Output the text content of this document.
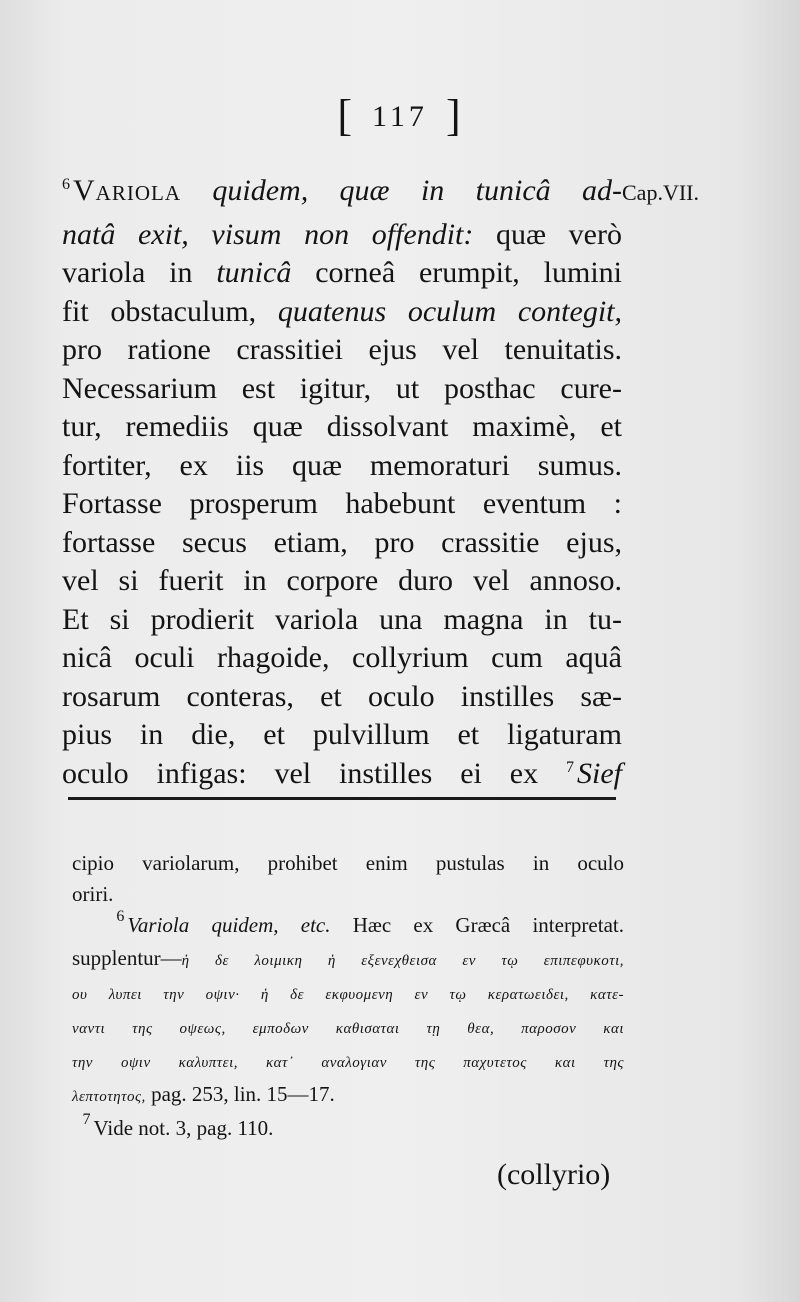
[ 117 ]
Cap.VII.
$^6$ Variola quidem, quæ in tunicâ ad-
natâ exit, visum non offendit: quæ verò
variola in tunicâ corneâ erumpit, lumini
fit obstaculum, quatenus oculum contegit,
pro ratione crassitiei ejus vel tenuitatis.
Necessarium est igitur, ut posthac cure-
tur, remediis quæ dissolvant maximè, et
fortiter, ex iis quæ memoraturi sumus.
Fortasse prosperum habebunt eventum :
fortasse secus etiam, pro crassitie ejus,
vel si fuerit in corpore duro vel annoso.
Et si prodierit variola una magna in tu-
nicâ oculi rhagoide, collyrium cum aquâ
rosarum conteras, et oculo instilles sæ-
pius in die, et pulvillum et ligaturam
oculo infigas: vel instilles ei ex $^7$ Sief
cipio variolarum, prohibet enim pustulas in oculo
oriri.
$^6$ Variola quidem, etc. Hæc ex Græcâ interpretat.
supplentur—ἡ δε λοιμικη ἡ εξενεχθεισα εν τῳ επιπεφυκοτι,
ου λυπει την οψιν· ἡ δε εκφυομενη εν τῳ κερατωειδει, κατε-
ναντι της οψεως, εμποδων καθισαται τῃ θεα, παροσον και
την οψιν καλυπτει, κατ᾽ αναλογιαν της παχυτετος και της
λεπτοτητος, pag. 253, lin. 15—17.
$^7$ Vide not. 3, pag. 110.
(collyrio)
